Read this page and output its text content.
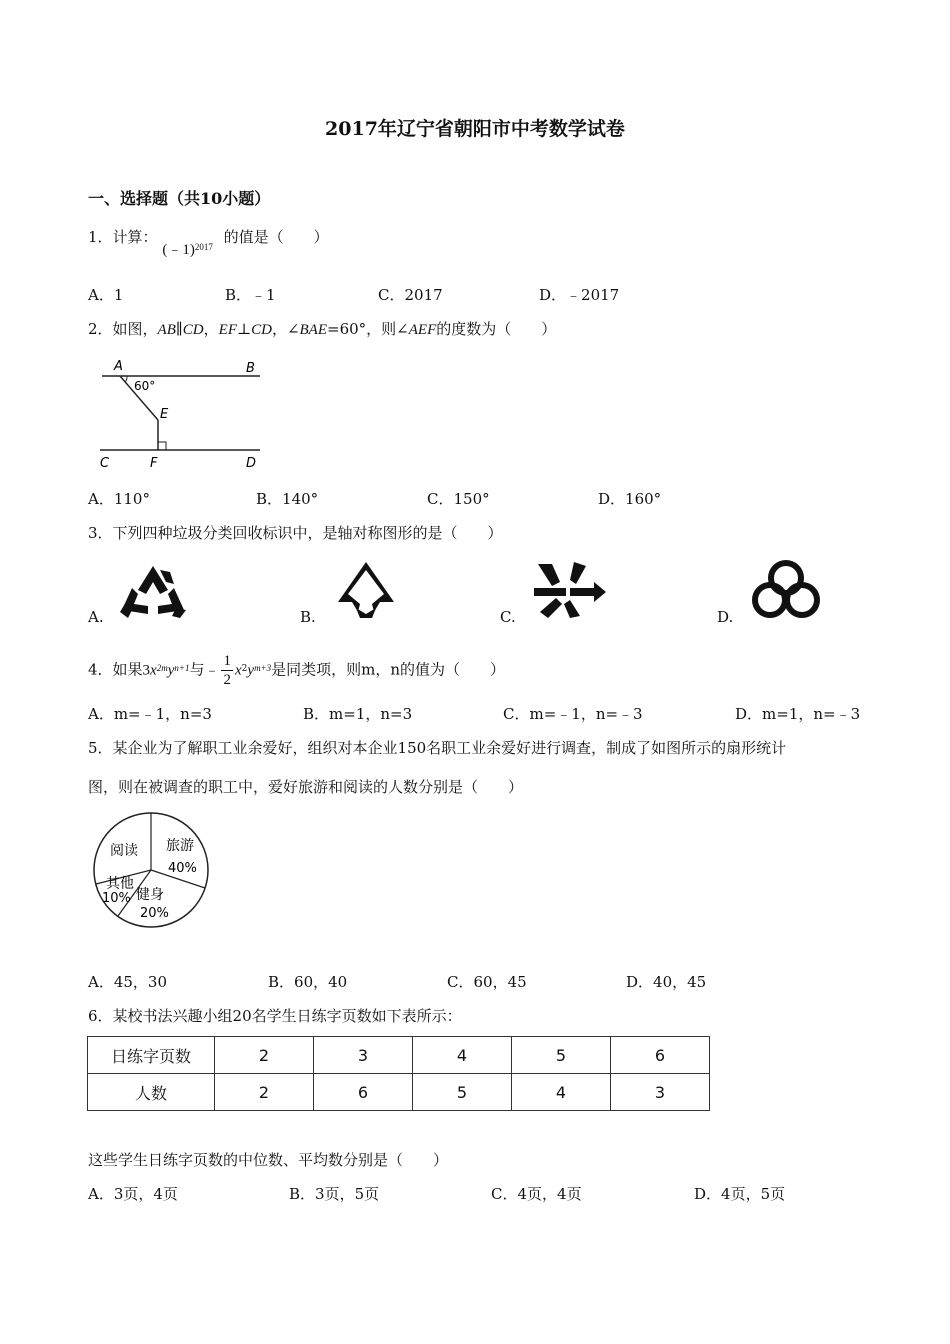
2017年辽宁省朝阳市中考数学试卷
一、选择题（共10小题）
1．计算： (﹣1)$^{2017}$ 的值是（　　）
A．1	B．﹣1	C．2017	D．﹣2017
2．如图，AB∥CD，EF⊥CD，∠BAE=60°，则∠AEF的度数为（　　）
A	B
E
C	F	D
60°
A．110°	B．140°	C．150°	D．160°
3．下列四种垃圾分类回收标识中，是轴对称图形的是（　　）
A.	B.	C.	D.
4．如果$3x^{2m}y^{n+1}$与﹣ $\frac{1}{2} x^2y^{m+3}$是同类项，则m，n的值为（　　）
A．m=﹣1，n=3	B．m=1，n=3	C．m=﹣1，n=﹣3	D．m=1，n=﹣3
5．某企业为了解职工业余爱好，组织对本企业150名职工业余爱好进行调查，制成了如图所示的扇形统计
图，则在被调查的职工中，爱好旅游和阅读的人数分别是（　　）
旅游
40%
健身
20%
其他
10%
阅读
A．45，30	B．60，40	C．60，45	D．40，45
6．某校书法兴趣小组20名学生日练字页数如下表所示：
日练字页数	2	3	4	5	6
人数	2	6	5	4	3
这些学生日练字页数的中位数、平均数分别是（　　）
A．3页，4页	B．3页，5页	C．4页，4页	D．4页，5页
